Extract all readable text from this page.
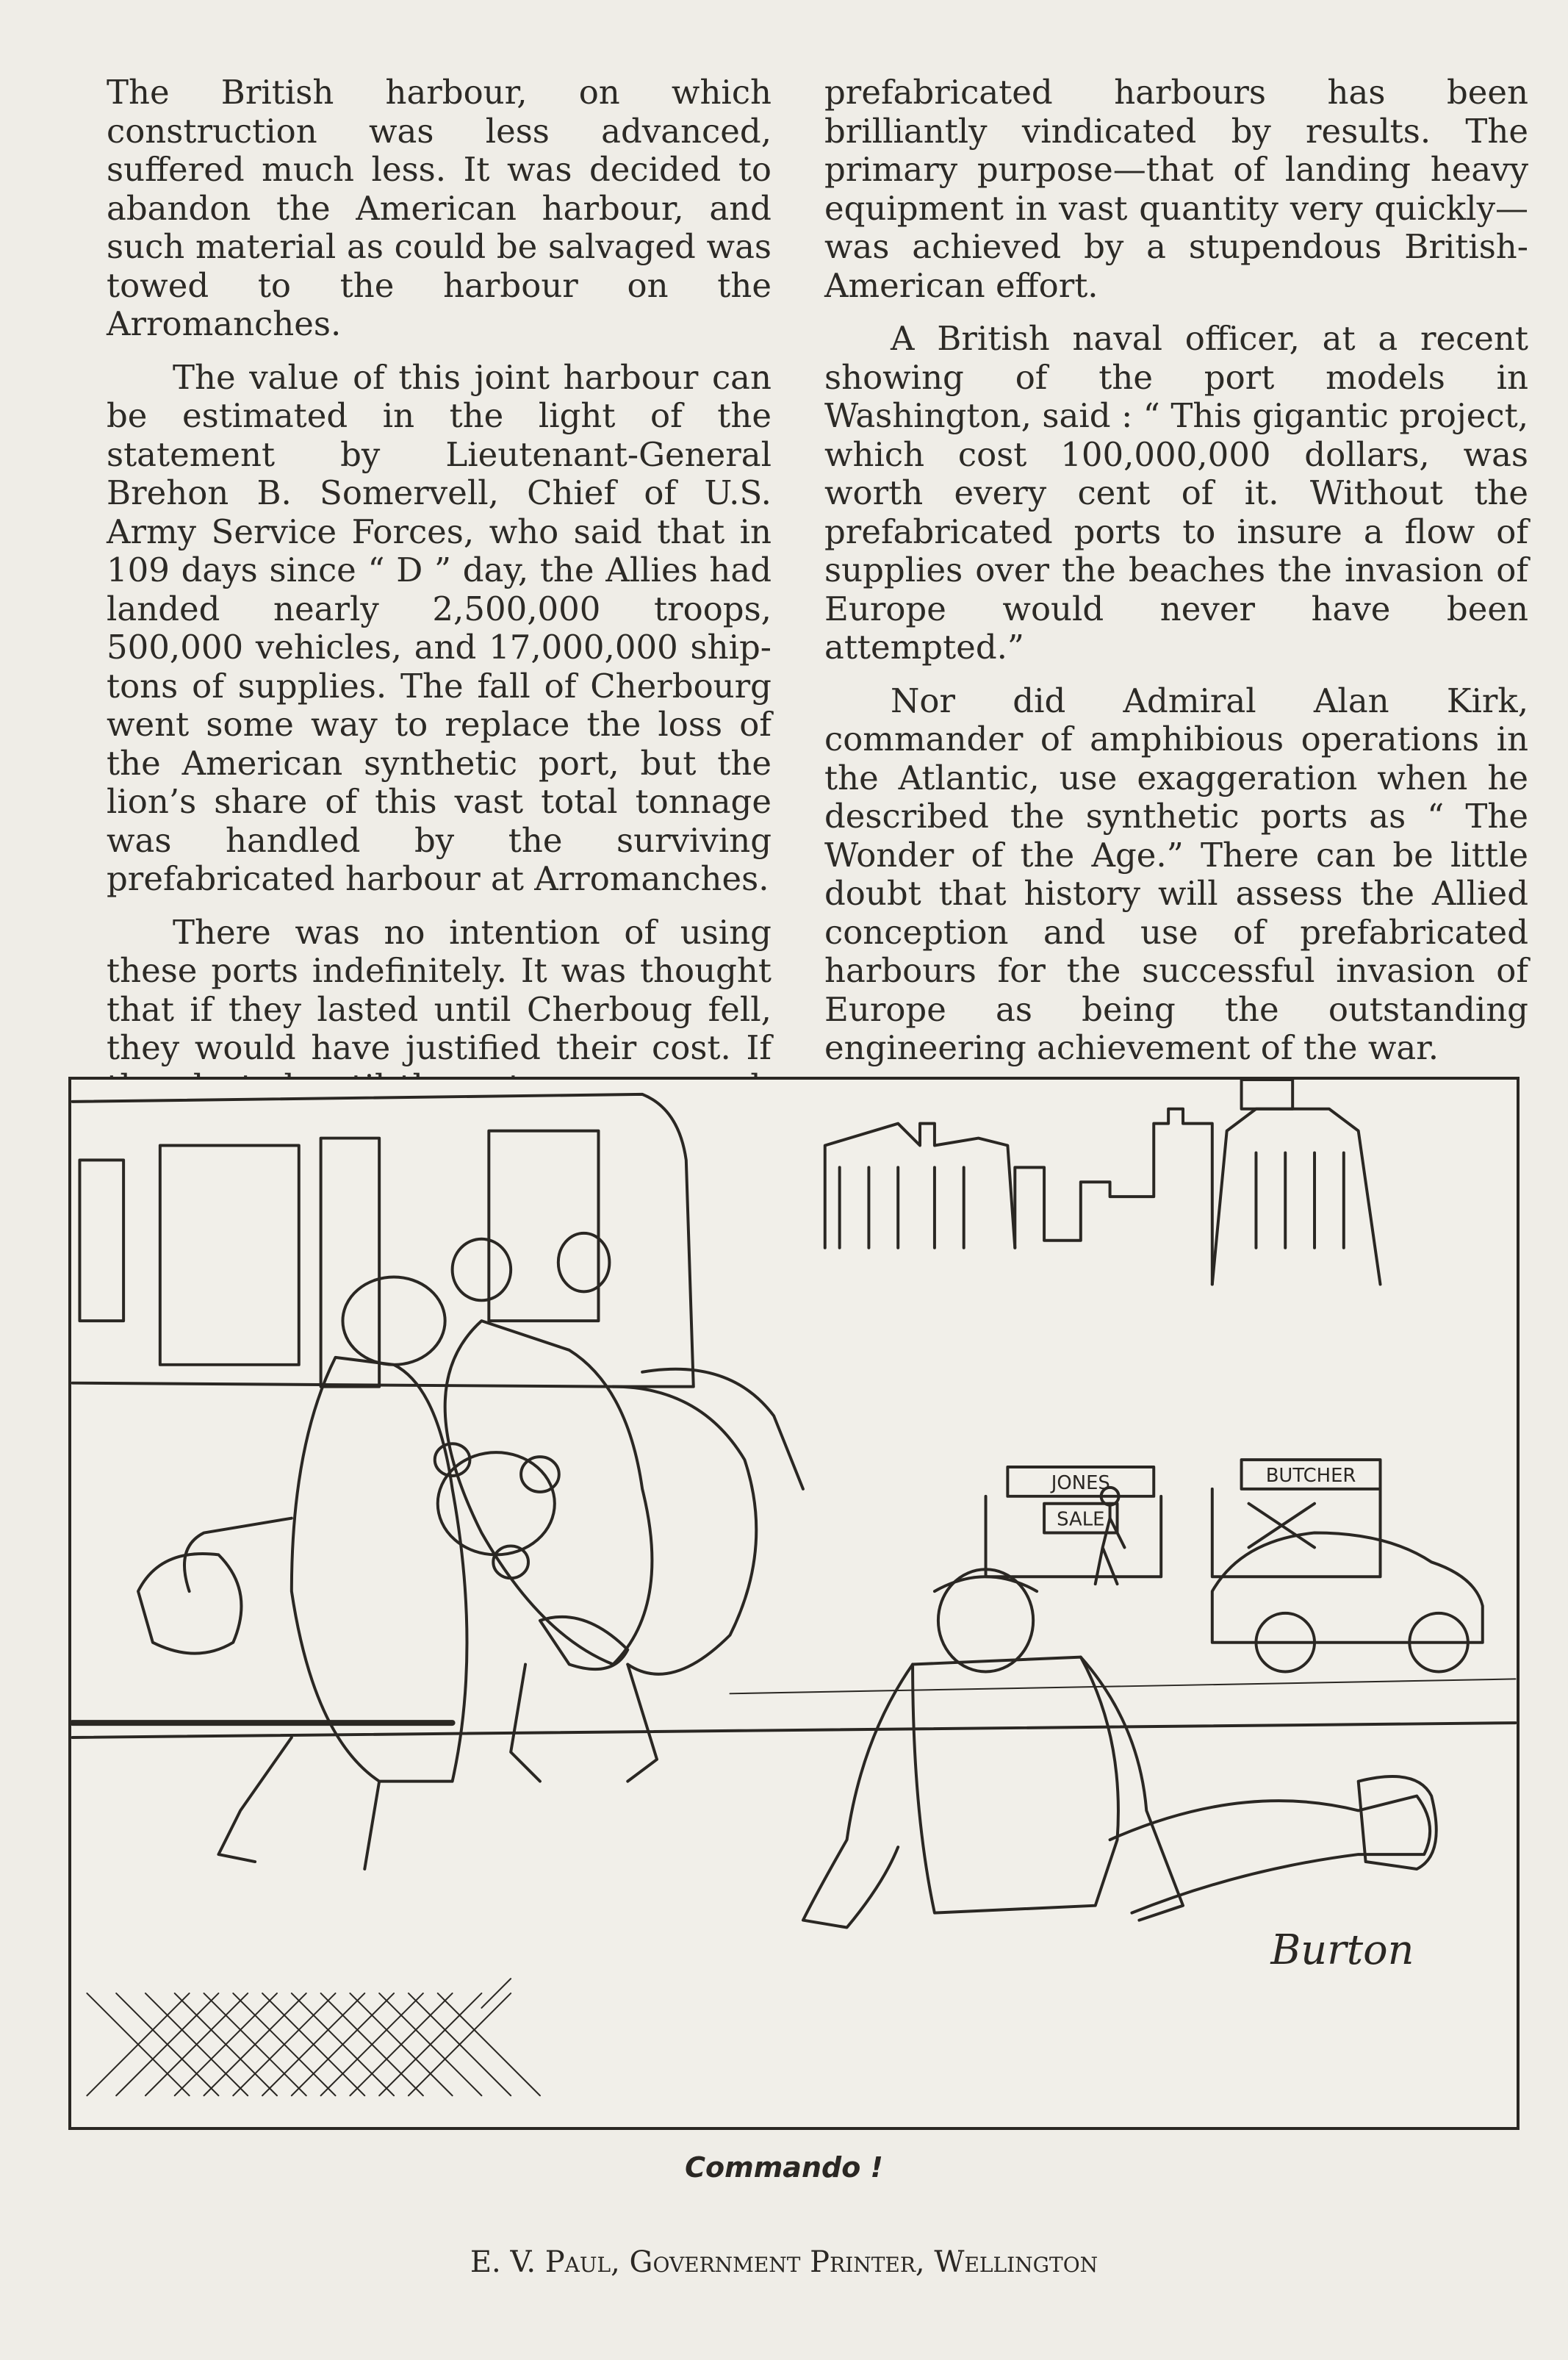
The British harbour, on which construction was less advanced, suffered much less. It was decided to abandon the American harbour, and such material as could be salvaged was towed to the harbour on the Arromanches.

The value of this joint harbour can be estimated in the light of the statement by Lieutenant-General Brehon B. Somervell, Chief of U.S. Army Service Forces, who said that in 109 days since “ D ” day, the Allies had landed nearly 2,500,000 troops, 500,000 vehicles, and 17,000,000 ship-tons of supplies. The fall of Cherbourg went some way to replace the loss of the American synthetic port, but the lion’s share of this vast total tonnage was handled by the surviving prefabricated harbour at Arromanches.

There was no intention of using these ports indefinitely. It was thought that if they lasted until Cherboug fell, they would have justified their cost. If

prefabricated harbours has been brilliantly vindicated by results. The primary purpose—that of landing heavy equipment in vast quantity very quickly—was achieved by a stupendous British-American effort.

A British naval officer, at a recent showing of the port models in Washington, said : “ This gigantic project, which cost 100,000,000 dollars, was worth every cent of it. Without the prefabricated ports to insure a flow of supplies over the beaches the invasion of Europe would never have been attempted.”

Nor did Admiral Alan Kirk, commander of amphibious operations in the Atlantic, use exaggeration when he described the synthetic ports as “ The Wonder of the Age.” There can be little doubt that history will assess the Allied conception and use of prefabricated harbours for the successful invasion of Europe as being the outstanding engineering achievement of the war.

JONES
SALE
BUTCHER
Burton
Commando !
E. V. Paul, Government Printer, Wellington
